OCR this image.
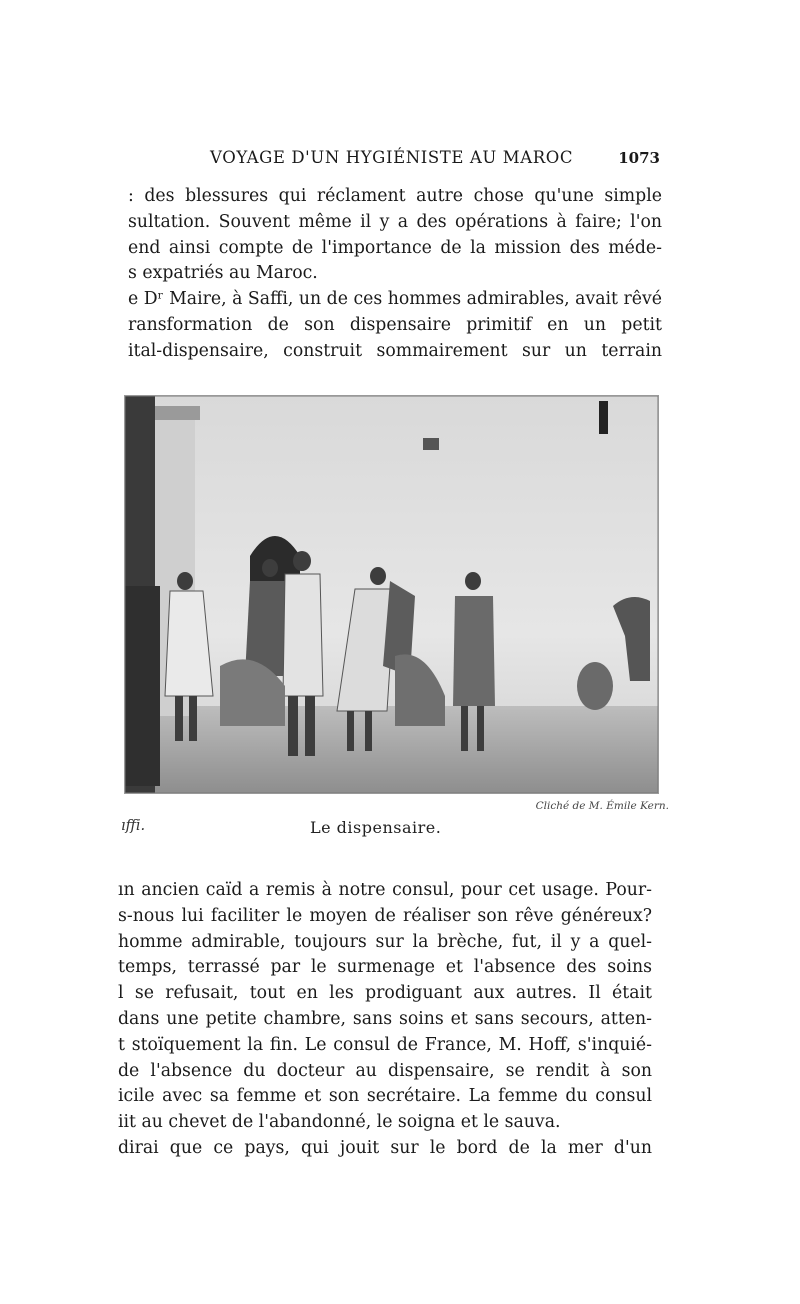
VOYAGE D'UN HYGIÉNISTE AU MAROC	1073
: des blessures qui réclament autre chose qu'une simple
sultation. Souvent même il y a des opérations à faire; l'on
end ainsi compte de l'importance de la mission des méde-
s expatriés au Maroc.
e Dʳ Maire, à Saffi, un de ces hommes admirables, avait rêvé
ransformation de son dispensaire primitif en un petit
ital-dispensaire, construit sommairement sur un terrain
Cliché de M. Émile Kern.
ıffi.	Le dispensaire.
ın ancien caïd a remis à notre consul, pour cet usage. Pour-
s-nous lui faciliter le moyen de réaliser son rêve généreux?
homme admirable, toujours sur la brèche, fut, il y a quel-
temps, terrassé par le surmenage et l'absence des soins
l se refusait, tout en les prodiguant aux autres. Il était
dans une petite chambre, sans soins et sans secours, atten-
t stoïquement la fin. Le consul de France, M. Hoff, s'inquié-
de l'absence du docteur au dispensaire, se rendit à son
icile avec sa femme et son secrétaire. La femme du consul
iit au chevet de l'abandonné, le soigna et le sauva.
dirai que ce pays, qui jouit sur le bord de la mer d'un
